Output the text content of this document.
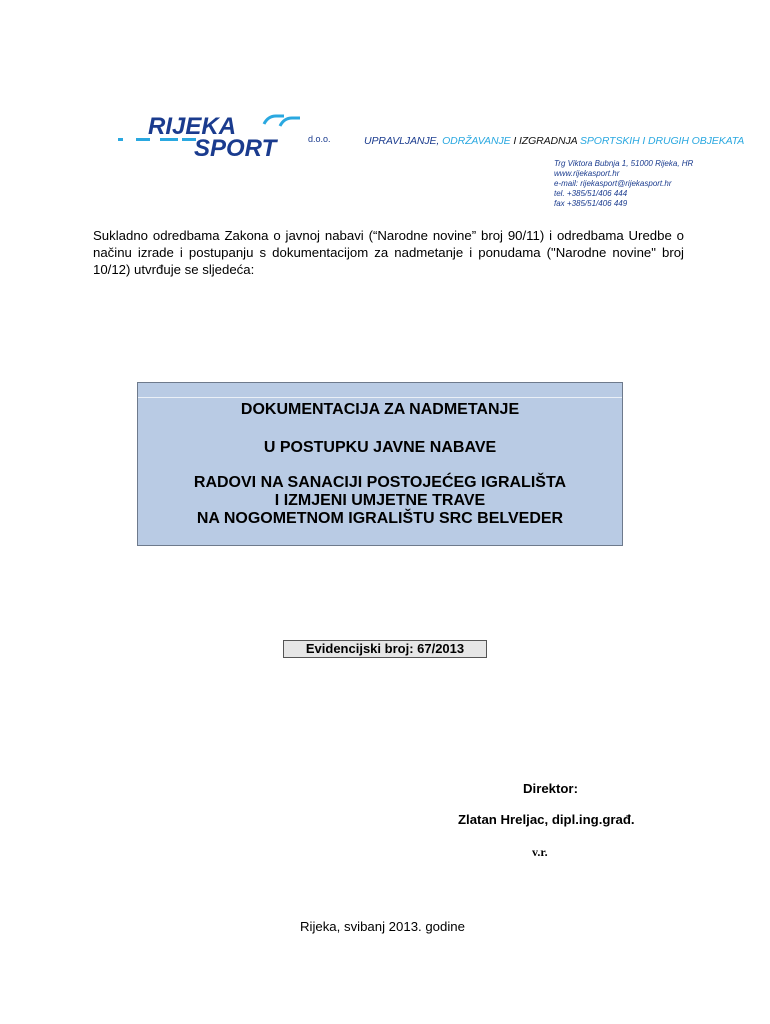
RIJEKA
SPORT	d.o.o.	UPRAVLJANJE, ODRŽAVANJE I IZGRADNJA SPORTSKIH I DRUGIH OBJEKATA
Trg Viktora Bubnja 1, 51000 Rijeka, HR
www.rijekasport.hr
e-mail: rijekasport@rijekasport.hr
tel. +385/51/406 444
fax +385/51/406 449
Sukladno odredbama Zakona o javnoj nabavi (“Narodne novine” broj 90/11) i odredbama Uredbe o načinu izrade i postupanju s dokumentacijom za nadmetanje i ponudama ("Narodne novine" broj 10/12) utvrđuje se sljedeća:
DOKUMENTACIJA ZA NADMETANJE
U POSTUPKU JAVNE NABAVE
RADOVI NA SANACIJI POSTOJEĆEG IGRALIŠTA
I IZMJENI UMJETNE TRAVE
NA NOGOMETNOM IGRALIŠTU SRC BELVEDER
Evidencijski broj: 67/2013
Direktor:
Zlatan Hreljac, dipl.ing.građ.
v.r.
Rijeka, svibanj 2013. godine
